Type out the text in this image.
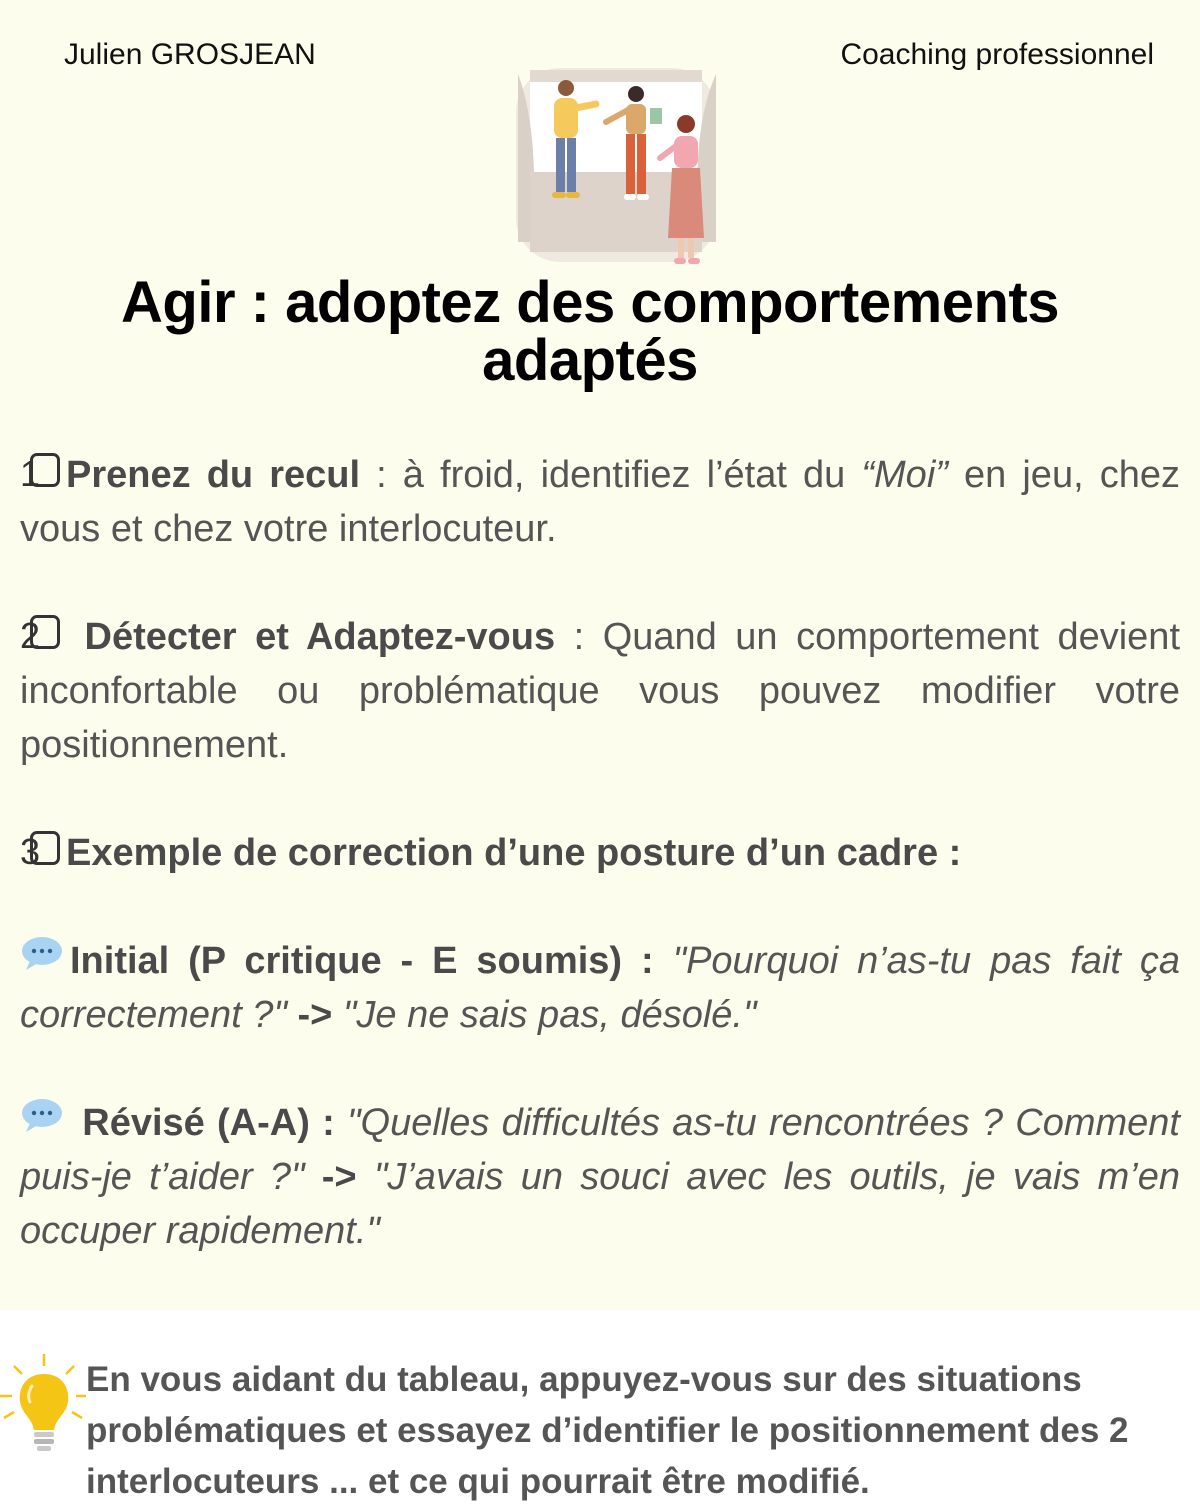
Julien GROSJEAN	Coaching professionnel
Agir : adoptez des comportements adaptés
1 Prenez du recul : à froid, identifiez l’état du “Moi” en jeu, chez vous et chez votre interlocuteur.
2 Détecter et Adaptez-vous : Quand un comportement devient inconfortable ou problématique vous pouvez modifier votre positionnement.
3 Exemple de correction d’une posture d’un cadre :
Initial (P critique - E soumis) : "Pourquoi n’as-tu pas fait ça correctement ?" -> "Je ne sais pas, désolé."
Révisé (A-A) : "Quelles difficultés as-tu rencontrées ? Comment puis-je t’aider ?" -> "J’avais un souci avec les outils, je vais m’en occuper rapidement."
En vous aidant du tableau, appuyez-vous sur des situations problématiques et essayez d’identifier le positionnement des 2 interlocuteurs ... et ce qui pourrait être modifié.
